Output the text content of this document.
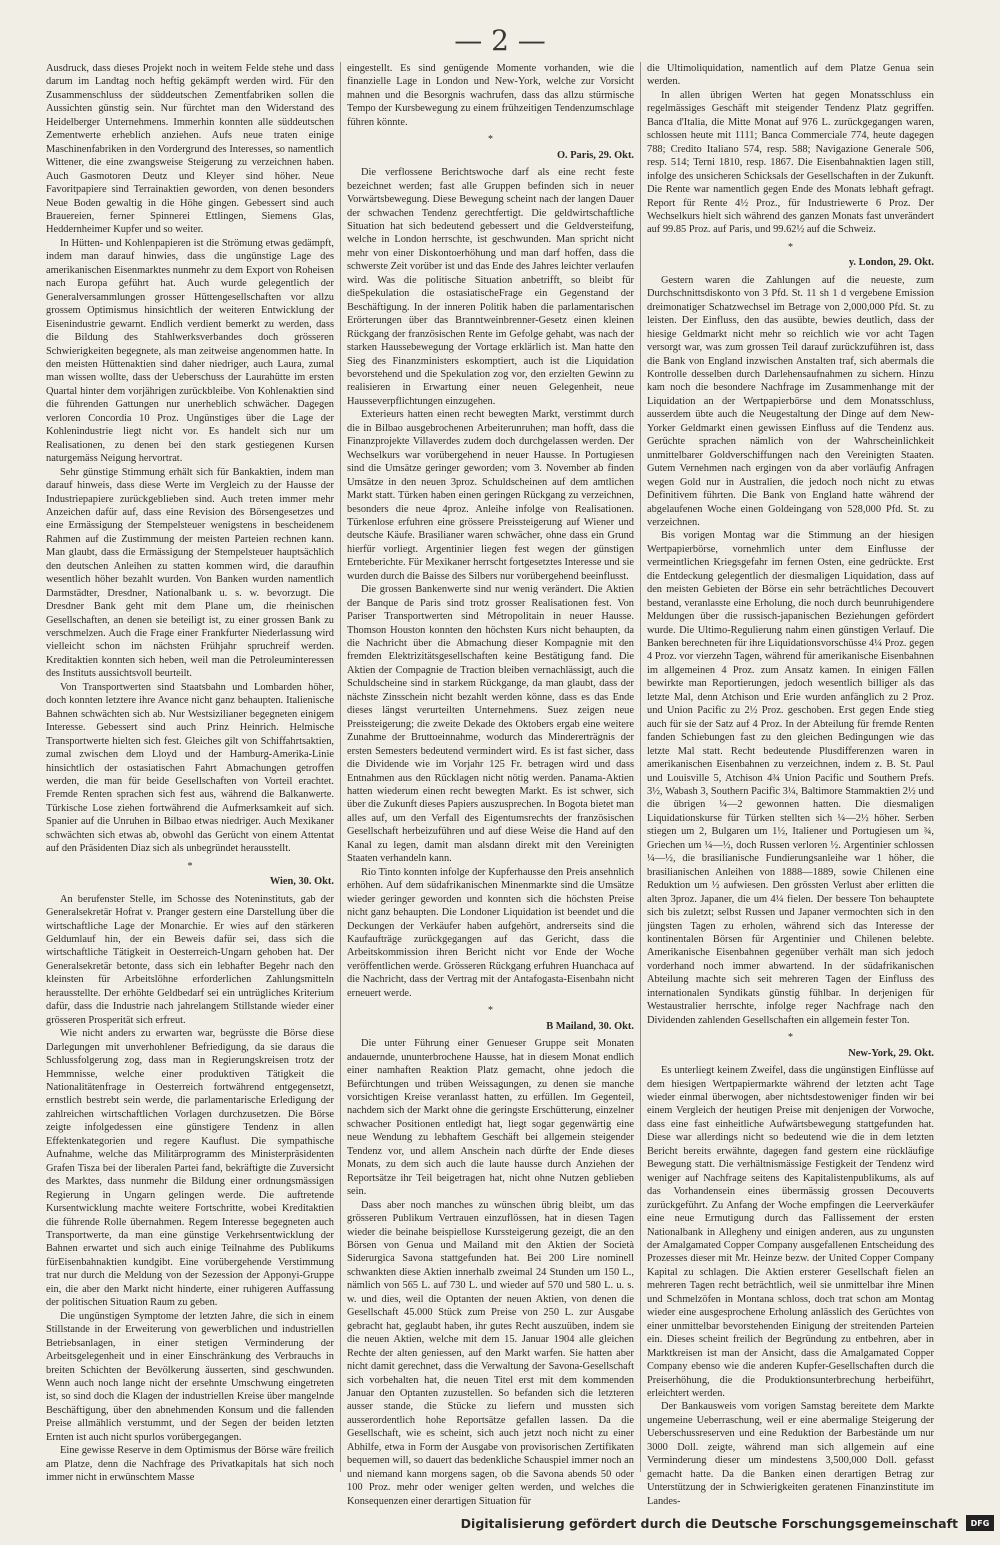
— 2 —

Ausdruck, dass dieses Projekt noch in weitem Felde stehe und dass darum im Landtag noch heftig gekämpft werden wird. Für den Zusammenschluss der süddeutschen Zementfabriken sollen die Aussichten günstig sein. Nur fürchtet man den Widerstand des Heidelberger Unternehmens. Immerhin konnten alle süddeutschen Zementwerte erheblich anziehen. Aufs neue traten einige Maschinenfabriken in den Vordergrund des Interesses, so namentlich Wittener, die eine zwangsweise Steigerung zu verzeichnen haben. Auch Gasmotoren Deutz und Kleyer sind höher. Neue Favoritpapiere sind Terrainaktien geworden, von denen besonders Neue Boden gewaltig in die Höhe gingen. Gebessert sind auch Brauereien, ferner Spinnerei Ettlingen, Siemens Glas, Heddernheimer Kupfer und so weiter.

In Hütten- und Kohlenpapieren ist die Strömung etwas gedämpft, indem man darauf hinwies, dass die ungünstige Lage des amerikanischen Eisenmarktes nunmehr zu dem Export von Roheisen nach Europa geführt hat. Auch wurde gelegentlich der Generalversammlungen grosser Hüttengesellschaften vor allzu grossem Optimismus hinsichtlich der weiteren Entwicklung der Eisenindustrie gewarnt. Endlich verdient bemerkt zu werden, dass die Bildung des Stahlwerksverbandes doch grösseren Schwierigkeiten begegnete, als man zeitweise angenommen hatte. In den meisten Hüttenaktien sind daher niedriger, auch Laura, zumal man wissen wollte, dass der Ueberschuss der Laurahütte im ersten Quartal hinter dem vorjährigen zurückbleibe. Von Kohlenaktien sind die führenden Gattungen nur unerheblich schwächer. Dagegen verloren Concordia 10 Proz. Ungünstiges über die Lage der Kohlenindustrie liegt nicht vor. Es handelt sich nur um Realisationen, zu denen bei den stark gestiegenen Kursen naturgemäss Neigung hervortrat.

Sehr günstige Stimmung erhält sich für Bankaktien, indem man darauf hinweis, dass diese Werte im Vergleich zu der Hausse der Industriepapiere zurückgeblieben sind. Auch treten immer mehr Anzeichen dafür auf, dass eine Revision des Börsengesetzes und eine Ermässigung der Stempelsteuer wenigstens in bescheidenem Rahmen auf die Zustimmung der meisten Parteien rechnen kann. Man glaubt, dass die Ermässigung der Stempelsteuer hauptsächlich den deutschen Anleihen zu statten kommen wird, die daraufhin wesentlich höher bezahlt wurden. Von Banken wurden namentlich Darmstädter, Dresdner, Nationalbank u. s. w. bevorzugt. Die Dresdner Bank geht mit dem Plane um, die rheinischen Gesellschaften, an denen sie beteiligt ist, zu einer grossen Bank zu verschmelzen. Auch die Frage einer Frankfurter Niederlassung wird vielleicht schon im nächsten Frühjahr spruchreif werden. Kreditaktien konnten sich heben, weil man die Petroleuminteressen des Instituts aussichtsvoll beurteilt.

Von Transportwerten sind Staatsbahn und Lombarden höher, doch konnten letztere ihre Avance nicht ganz behaupten. Italienische Bahnen schwächten sich ab. Nur Westsizilianer begegneten einigem Interesse. Gebessert sind auch Prinz Heinrich. Helmische Transportwerte hielten sich fest. Gleiches gilt von Schiffahrtsaktien, zumal zwischen dem Lloyd und der Hamburg-Amerika-Linie hinsichtlich der ostasiatischen Fahrt Abmachungen getroffen werden, die man für beide Gesellschaften von Vorteil erachtet. Fremde Renten sprachen sich fest aus, während die Balkanwerte. Türkische Lose ziehen fortwährend die Aufmerksamkeit auf sich. Spanier auf die Unruhen in Bilbao etwas niedriger. Auch Mexikaner schwächten sich etwas ab, obwohl das Gerücht von einem Attentat auf den Präsidenten Diaz sich als unbegründet herausstellt.

*
Wien, 30. Okt.

An berufenster Stelle, im Schosse des Noteninstituts, gab der Generalsekretär Hofrat v. Pranger gestern eine Darstellung über die wirtschaftliche Lage der Monarchie. Er wies auf den stärkeren Geldumlauf hin, der ein Beweis dafür sei, dass sich die wirtschaftliche Tätigkeit in Oesterreich-Ungarn gehoben hat. Der Generalsekretär betonte, dass sich ein lebhafter Begehr nach den kleinsten für Arbeitslöhne erforderlichen Zahlungsmitteln herausstellte. Der erhöhte Geldbedarf sei ein untrügliches Kriterium dafür, dass die Industrie nach jahrelangem Stillstande wieder einer grösseren Prosperität sich erfreut.

Wie nicht anders zu erwarten war, begrüsste die Börse diese Darlegungen mit unverhohlener Befriedigung, da sie daraus die Schlussfolgerung zog, dass man in Regierungskreisen trotz der Hemmnisse, welche einer produktiven Tätigkeit die Nationalitätenfrage in Oesterreich fortwährend entgegensetzt, ernstlich bestrebt sein werde, die parlamentarische Erledigung der zahlreichen wirtschaftlichen Vorlagen durchzusetzen. Die Börse zeigte infolgedessen eine günstigere Tendenz in allen Effektenkategorien und regere Kauflust. Die sympathische Aufnahme, welche das Militärprogramm des Ministerpräsidenten Grafen Tisza bei der liberalen Partei fand, bekräftigte die Zuversicht des Marktes, dass nunmehr die Bildung einer ordnungsmässigen Regierung in Ungarn gelingen werde. Die auftretende Kursentwicklung machte weitere Fortschritte, wobei Kreditaktien die führende Rolle übernahmen. Regem Interesse begegneten auch Transportwerte, da man eine günstige Verkehrsentwicklung der Bahnen erwartet und sich auch einige Teilnahme des Publikums fürEisenbahnaktien kundgibt. Eine vorübergehende Verstimmung trat nur durch die Meldung von der Sezession der Apponyi-Gruppe ein, die aber den Markt nicht hinderte, einer ruhigeren Auffassung der politischen Situation Raum zu geben.

Die ungünstigen Symptome der letzten Jahre, die sich in einem Stillstande in der Erweiterung von gewerblichen und industriellen Betriebsanlagen, in einer stetigen Verminderung der Arbeitsgelegenheit und in einer Einschränkung des Verbrauchs in breiten Schichten der Bevölkerung äusserten, sind geschwunden. Wenn auch noch lange nicht der ersehnte Umschwung eingetreten ist, so sind doch die Klagen der industriellen Kreise über mangelnde Beschäftigung, über den abnehmenden Konsum und die fallenden Preise allmählich verstummt, und der Segen der beiden letzten Ernten ist auch nicht spurlos vorübergegangen.

Eine gewisse Reserve in dem Optimismus der Börse wäre freilich am Platze, denn die Nachfrage des Privatkapitals hat sich noch immer nicht in erwünschtem Masse

eingestellt. Es sind genügende Momente vorhanden, wie die finanzielle Lage in London und New-York, welche zur Vorsicht mahnen und die Besorgnis wachrufen, dass das allzu stürmische Tempo der Kursbewegung zu einem frühzeitigen Tendenzumschlage führen könnte.

*
O. Paris, 29. Okt.

Die verflossene Berichtswoche darf als eine recht feste bezeichnet werden; fast alle Gruppen befinden sich in neuer Vorwärtsbewegung. Diese Bewegung scheint nach der langen Dauer der schwachen Tendenz gerechtfertigt. Die geldwirtschaftliche Situation hat sich bedeutend gebessert und die Geldversteifung, welche in London herrschte, ist geschwunden. Man spricht nicht mehr von einer Diskontoerhöhung und man darf hoffen, dass die schwerste Zeit vorüber ist und das Ende des Jahres leichter verlaufen wird. Was die politische Situation anbetrifft, so bleibt für dieSpekulation die ostasiatischeFrage ein Gegenstand der Beschäftigung. In der inneren Politik haben die parlamentarischen Erörterungen über das Branntweinbrenner-Gesetz einen kleinen Rückgang der französischen Rente im Gefolge gehabt, was nach der starken Haussebewegung der Vortage erklärlich ist. Man hatte den Sieg des Finanzministers eskomptiert, auch ist die Liquidation bevorstehend und die Spekulation zog vor, den erzielten Gewinn zu realisieren in Erwartung einer neuen Gelegenheit, neue Hausseverpflichtungen einzugehen.

Exterieurs hatten einen recht bewegten Markt, verstimmt durch die in Bilbao ausgebrochenen Arbeiterunruhen; man hofft, dass die Finanzprojekte Villaverdes zudem doch durchgelassen werden. Der Wechselkurs war vorübergehend in neuer Hausse. In Portugiesen sind die Umsätze geringer geworden; vom 3. November ab finden Umsätze in den neuen 3proz. Schuldscheinen auf dem amtlichen Markt statt. Türken haben einen geringen Rückgang zu verzeichnen, besonders die neue 4proz. Anleihe infolge von Realisationen. Türkenlose erfuhren eine grössere Preissteigerung auf Wiener und deutsche Käufe. Brasilianer waren schwächer, ohne dass ein Grund hierfür vorliegt. Argentinier liegen fest wegen der günstigen Ernteberichte. Für Mexikaner herrscht fortgesetztes Interesse und sie wurden durch die Baisse des Silbers nur vorübergehend beeinflusst.

Die grossen Bankenwerte sind nur wenig verändert. Die Aktien der Banque de Paris sind trotz grosser Realisationen fest. Von Pariser Transportwerten sind Métropolitain in neuer Hausse. Thomson Houston konnten den höchsten Kurs nicht behaupten, da die Nachricht über die Abmachung dieser Kompagnie mit den fremden Elektrizitätsgesellschaften keine Bestätigung fand. Die Aktien der Compagnie de Traction bleiben vernachlässigt, auch die Schuldscheine sind in starkem Rückgange, da man glaubt, dass der nächste Zinsschein nicht bezahlt werden könne, dass es das Ende dieses längst verurteilten Unternehmens. Suez zeigen neue Preissteigerung; die zweite Dekade des Oktobers ergab eine weitere Zunahme der Bruttoeinnahme, wodurch das Mindererträgnis der ersten Semesters bedeutend vermindert wird. Es ist fast sicher, dass die Dividende wie im Vorjahr 125 Fr. betragen wird und dass Entnahmen aus den Rücklagen nicht nötig werden. Panama-Aktien hatten wiederum einen recht bewegten Markt. Es ist schwer, sich über die Zukunft dieses Papiers auszusprechen. In Bogota bietet man alles auf, um den Verfall des Eigentumsrechts der französischen Gesellschaft herbeizuführen und auf diese Weise die Hand auf den Kanal zu legen, damit man alsdann direkt mit den Vereinigten Staaten verhandeln kann.

Rio Tinto konnten infolge der Kupferhausse den Preis ansehnlich erhöhen. Auf dem südafrikanischen Minenmarkte sind die Umsätze wieder geringer geworden und konnten sich die höchsten Preise nicht ganz behaupten. Die Londoner Liquidation ist beendet und die Deckungen der Verkäufer haben aufgehört, andrerseits sind die Kaufaufträge zurückgegangen auf das Gericht, dass die Arbeitskommission ihren Bericht nicht vor Ende der Woche veröffentlichen werde. Grösseren Rückgang erfuhren Huanchaca auf die Nachricht, dass der Vertrag mit der Antafogasta-Eisenbahn nicht erneuert werde.

*
B Mailand, 30. Okt.

Die unter Führung einer Genueser Gruppe seit Monaten andauernde, ununterbrochene Hausse, hat in diesem Monat endlich einer namhaften Reaktion Platz gemacht, ohne jedoch die Befürchtungen und trüben Weissagungen, zu denen sie manche vorsichtigen Kreise veranlasst hatten, zu erfüllen. Im Gegenteil, nachdem sich der Markt ohne die geringste Erschütterung, einzelner schwacher Positionen entledigt hat, liegt sogar gegenwärtig eine neue Wendung zu lebhaftem Geschäft bei allgemein steigender Tendenz vor, und allem Anschein nach dürfte der Ende dieses Monats, zu dem sich auch die laute hausse durch Anziehen der Reportsätze ihr Teil beigetragen hat, nicht ohne Nutzen geblieben sein.

Dass aber noch manches zu wünschen übrig bleibt, um das grösseren Publikum Vertrauen einzuflössen, hat in diesen Tagen wieder die beinahe beispiellose Kurssteigerung gezeigt, die an den Börsen von Genua und Mailand mit den Aktien der Società Siderurgica Savona stattgefunden hat. Bei 200 Lire nominell schwankten diese Aktien innerhalb zweimal 24 Stunden um 150 L., nämlich von 565 L. auf 730 L. und wieder auf 570 und 580 L. u. s. w. und dies, weil die Optanten der neuen Aktien, von denen die Gesellschaft 45.000 Stück zum Preise von 250 L. zur Ausgabe gebracht hat, geglaubt haben, ihr gutes Recht auszuüben, indem sie die neuen Aktien, welche mit dem 15. Januar 1904 alle gleichen Rechte der alten geniessen, auf den Markt warfen. Sie hatten aber nicht damit gerechnet, dass die Verwaltung der Savona-Gesellschaft sich vorbehalten hat, die neuen Titel erst mit dem kommenden Januar den Optanten zuzustellen. So befanden sich die letzteren ausser stande, die Stücke zu liefern und mussten sich ausserordentlich hohe Reportsätze gefallen lassen. Da die Gesellschaft, wie es scheint, sich auch jetzt noch nicht zu einer Abhilfe, etwa in Form der Ausgabe von provisorischen Zertifikaten bequemen will, so dauert das bedenkliche Schauspiel immer noch an und niemand kann morgens sagen, ob die Savona abends 50 oder 100 Proz. mehr oder weniger gelten werden, und welches die Konsequenzen einer derartigen Situation für

die Ultimoliquidation, namentlich auf dem Platze Genua sein werden.

In allen übrigen Werten hat gegen Monatsschluss ein regelmässiges Geschäft mit steigender Tendenz Platz gegriffen. Banca d'Italia, die Mitte Monat auf 976 L. zurückgegangen waren, schlossen heute mit 1111; Banca Commerciale 774, heute dagegen 788; Credito Italiano 574, resp. 588; Navigazione Generale 506, resp. 514; Terni 1810, resp. 1867. Die Eisenbahnaktien lagen still, infolge des unsicheren Schicksals der Gesellschaften in der Zukunft. Die Rente war namentlich gegen Ende des Monats lebhaft gefragt. Report für Rente 4½ Proz., für Industriewerte 6 Proz. Der Wechselkurs hielt sich während des ganzen Monats fast unverändert auf 99.85 Proz. auf Paris, und 99.62½ auf die Schweiz.

*
y. London, 29. Okt.

Gestern waren die Zahlungen auf die neueste, zum Durchschnittsdiskonto von 3 Pfd. St. 11 sh 1 d vergebene Emission dreimonatiger Schatzwechsel im Betrage von 2,000,000 Pfd. St. zu leisten. Der Einfluss, den das ausübte, bewies deutlich, dass der hiesige Geldmarkt nicht mehr so reichlich wie vor acht Tagen versorgt war, was zum grossen Teil darauf zurückzuführen ist, dass die Bank von England inzwischen Anstalten traf, sich abermals die Kontrolle desselben durch Darlehensaufnahmen zu sichern. Hinzu kam noch die besondere Nachfrage im Zusammenhange mit der Liquidation an der Wertpapierbörse und dem Monatsschluss, ausserdem übte auch die Neugestaltung der Dinge auf dem New-Yorker Geldmarkt einen gewissen Einfluss auf die Tendenz aus. Gerüchte sprachen nämlich von der Wahrscheinlichkeit unmittelbarer Goldverschiffungen nach den Vereinigten Staaten. Gutem Vernehmen nach ergingen von da aber vorläufig Anfragen wegen Gold nur in Australien, die jedoch noch nicht zu etwas Definitivem führten. Die Bank von England hatte während der abgelaufenen Woche einen Goldeingang von 528,000 Pfd. St. zu verzeichnen.

Bis vorigen Montag war die Stimmung an der hiesigen Wertpapierbörse, vornehmlich unter dem Einflusse der vermeintlichen Kriegsgefahr im fernen Osten, eine gedrückte. Erst die Entdeckung gelegentlich der diesmaligen Liquidation, dass auf den meisten Gebieten der Börse ein sehr beträchtliches Decouvert bestand, veranlasste eine Erholung, die noch durch beunruhigendere Meldungen über die russisch-japanischen Beziehungen gefördert wurde. Die Ultimo-Regulierung nahm einen günstigen Verlauf. Die Banken berechneten für ihre Liquidationsvorschüsse 4¼ Proz. gegen 4 Proz. vor vierzehn Tagen, während für amerikanische Eisenbahnen im allgemeinen 4 Proz. zum Ansatz kamen. In einigen Fällen bewirkte man Reportierungen, jedoch wesentlich billiger als das letzte Mal, denn Atchison und Erie wurden anfänglich zu 2 Proz. und Union Pacific zu 2½ Proz. geschoben. Erst gegen Ende stieg auch für sie der Satz auf 4 Proz. In der Abteilung für fremde Renten fanden Schiebungen fast zu den gleichen Bedingungen wie das letzte Mal statt. Recht bedeutende Plusdifferenzen waren in amerikanischen Eisenbahnen zu verzeichnen, indem z. B. St. Paul und Louisville 5, Atchison 4¾ Union Pacific und Southern Prefs. 3½, Wabash 3, Southern Pacific 3¼, Baltimore Stammaktien 2½ und die übrigen ¼—2 gewonnen hatten. Die diesmaligen Liquidationskurse für Türken stellten sich ¼—2½ höher. Serben stiegen um 2, Bulgaren um 1½, Italiener und Portugiesen um ¾, Griechen um ¼—½, doch Russen verloren ½. Argentinier schlossen ¼—½, die brasilianische Fundierungsanleihe war 1 höher, die brasilianischen Anleihen von 1888—1889, sowie Chilenen eine Reduktion um ½ aufwiesen. Den grössten Verlust aber erlitten die alten 3proz. Japaner, die um 4¼ fielen. Der bessere Ton behauptete sich bis zuletzt; selbst Russen und Japaner vermochten sich in den jüngsten Tagen zu erholen, während sich das Interesse der kontinentalen Börsen für Argentinier und Chilenen belebte. Amerikanische Eisenbahnen gegenüber verhält man sich jedoch vorderhand noch immer abwartend. In der südafrikanischen Abteilung machte sich seit mehreren Tagen der Einfluss des internationalen Syndikats günstig fühlbar. In derjenigen für Westaustralier herrschte, infolge reger Nachfrage nach den Dividenden zahlenden Gesellschaften ein allgemein fester Ton.

*
New-York, 29. Okt.

Es unterliegt keinem Zweifel, dass die ungünstigen Einflüsse auf dem hiesigen Wertpapiermarkte während der letzten acht Tage wieder einmal überwogen, aber nichtsdestoweniger finden wir bei einem Vergleich der heutigen Preise mit denjenigen der Vorwoche, dass eine fast einheitliche Aufwärtsbewegung stattgefunden hat. Diese war allerdings nicht so bedeutend wie die in dem letzten Bericht bereits erwähnte, dagegen fand gestern eine rückläufige Bewegung statt. Die verhältnismässige Festigkeit der Tendenz wird weniger auf Nachfrage seitens des Kapitalistenpublikums, als auf das Vorhandensein eines übermässig grossen Decouverts zurückgeführt. Zu Anfang der Woche empfingen die Leerverkäufer eine neue Ermutigung durch das Fallissement der ersten Nationalbank in Allegheny und einigen anderen, aus zu ungunsten der Amalgamated Copper Company ausgefallenen Entscheidung des Prozesses dieser mit Mr. Heinze bezw. der United Copper Company Kapital zu schlagen. Die Aktien ersterer Gesellschaft fielen an mehreren Tagen recht beträchtlich, weil sie unmittelbar ihre Minen und Schmelzöfen in Montana schloss, doch trat schon am Montag wieder eine ausgesprochene Erholung anlässlich des Gerüchtes von einer unmittelbar bevorstehenden Einigung der streitenden Parteien ein. Dieses scheint freilich der Begründung zu entbehren, aber in Marktkreisen ist man der Ansicht, dass die Amalgamated Copper Company ebenso wie die anderen Kupfer-Gesellschaften durch die Preiserhöhung, die die Produktionsunterbrechung herbeiführt, erleichtert werden.

Der Bankausweis vom vorigen Samstag bereitete dem Markte ungemeine Ueberraschung, weil er eine abermalige Steigerung der Ueberschussreserven und eine Reduktion der Barbestände um nur 3000 Doll. zeigte, während man sich allgemein auf eine Verminderung dieser um mindestens 3,500,000 Doll. gefasst gemacht hatte. Da die Banken einen derartigen Betrag zur Unterstützung der in Schwierigkeiten geratenen Finanzinstitute im Landes-

Digitalisierung gefördert durch die Deutsche Forschungsgemeinschaft	DFG
